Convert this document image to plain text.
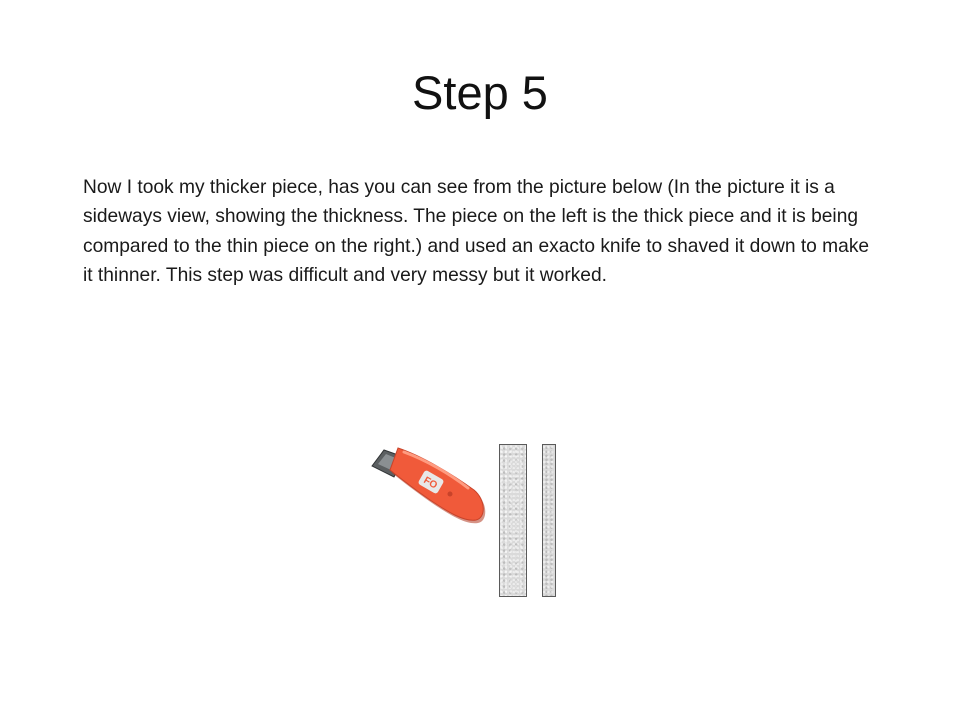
Step 5

Now I took my thicker piece, has you can see from the picture below (In the picture it is a sideways view, showing the thickness. The piece on the left is the thick piece and it is being compared to the thin piece on the right.) and used an exacto knife to shaved it down to make it thinner. This step was difficult and very messy but it worked.

FO
